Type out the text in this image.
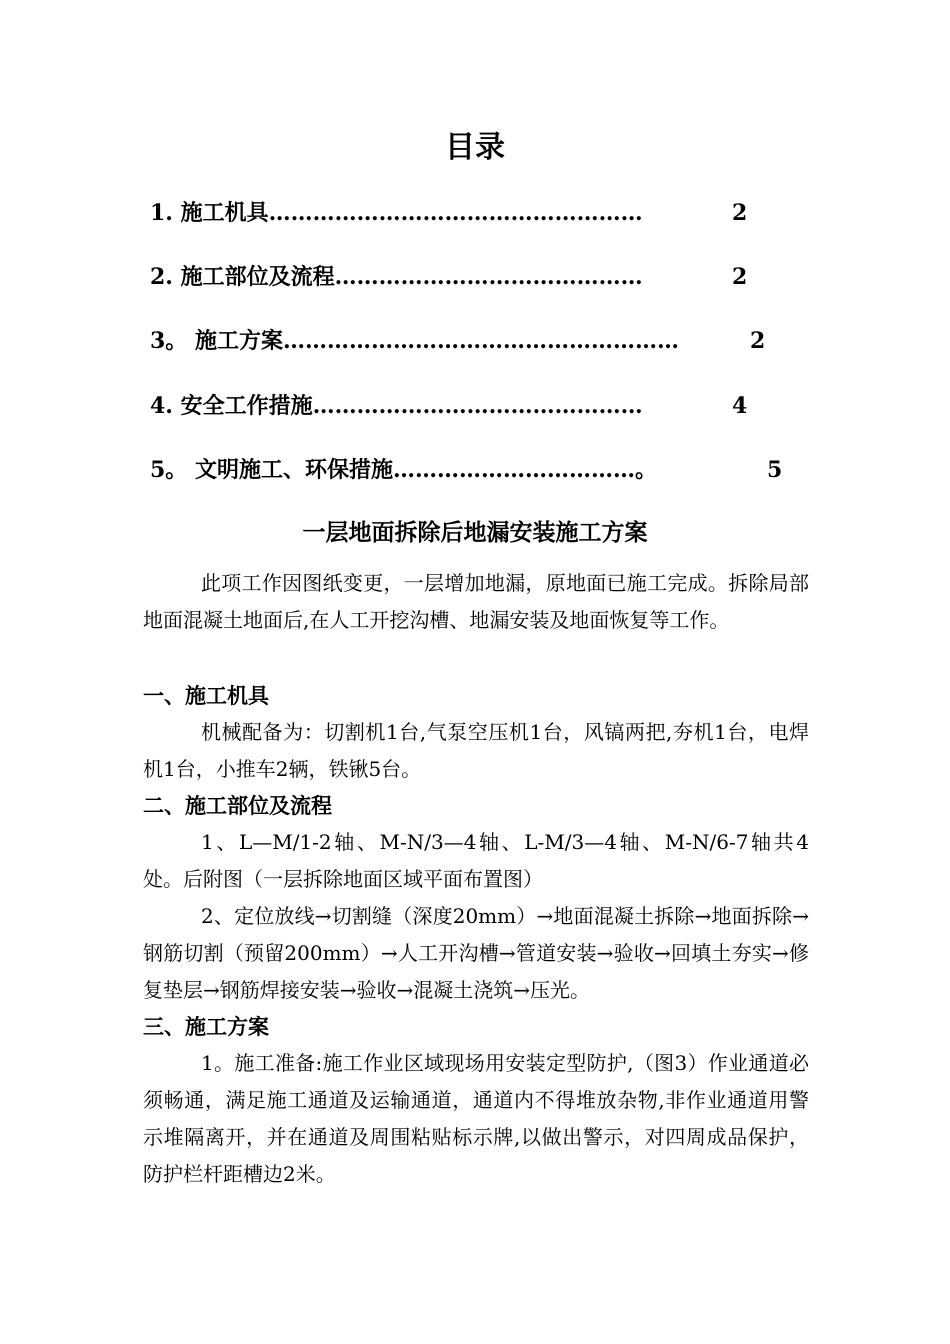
目录
1. 施工机具……………………………………………	2
2. 施工部位及流程……………………………………	2
3。 施工方案………………………………………………	2
4. 安全工作措施………………………………………	4
5。 文明施工、环保措施……………………………。	5
一层地面拆除后地漏安装施工方案
此项工作因图纸变更，一层增加地漏，原地面已施工完成。拆除局部地面混凝土地面后,在人工开挖沟槽、地漏安装及地面恢复等工作。
一、施工机具
机械配备为：切割机1台,气泵空压机1台，风镐两把,夯机1台，电焊机1台，小推车2辆，铁锹5台。
二、施工部位及流程
1、L—M/1-2轴、M-N/3—4轴、L-M/3—4轴、M-N/6-7轴共4处。后附图（一层拆除地面区域平面布置图）
2、定位放线→切割缝（深度20mm）→地面混凝土拆除→地面拆除→钢筋切割（预留200mm）→人工开沟槽→管道安装→验收→回填土夯实→修复垫层→钢筋焊接安装→验收→混凝土浇筑→压光。
三、施工方案
1。施工准备:施工作业区域现场用安装定型防护,（图3）作业通道必须畅通，满足施工通道及运输通道，通道内不得堆放杂物,非作业通道用警示堆隔离开，并在通道及周围粘贴标示牌,以做出警示，对四周成品保护，防护栏杆距槽边2米。
